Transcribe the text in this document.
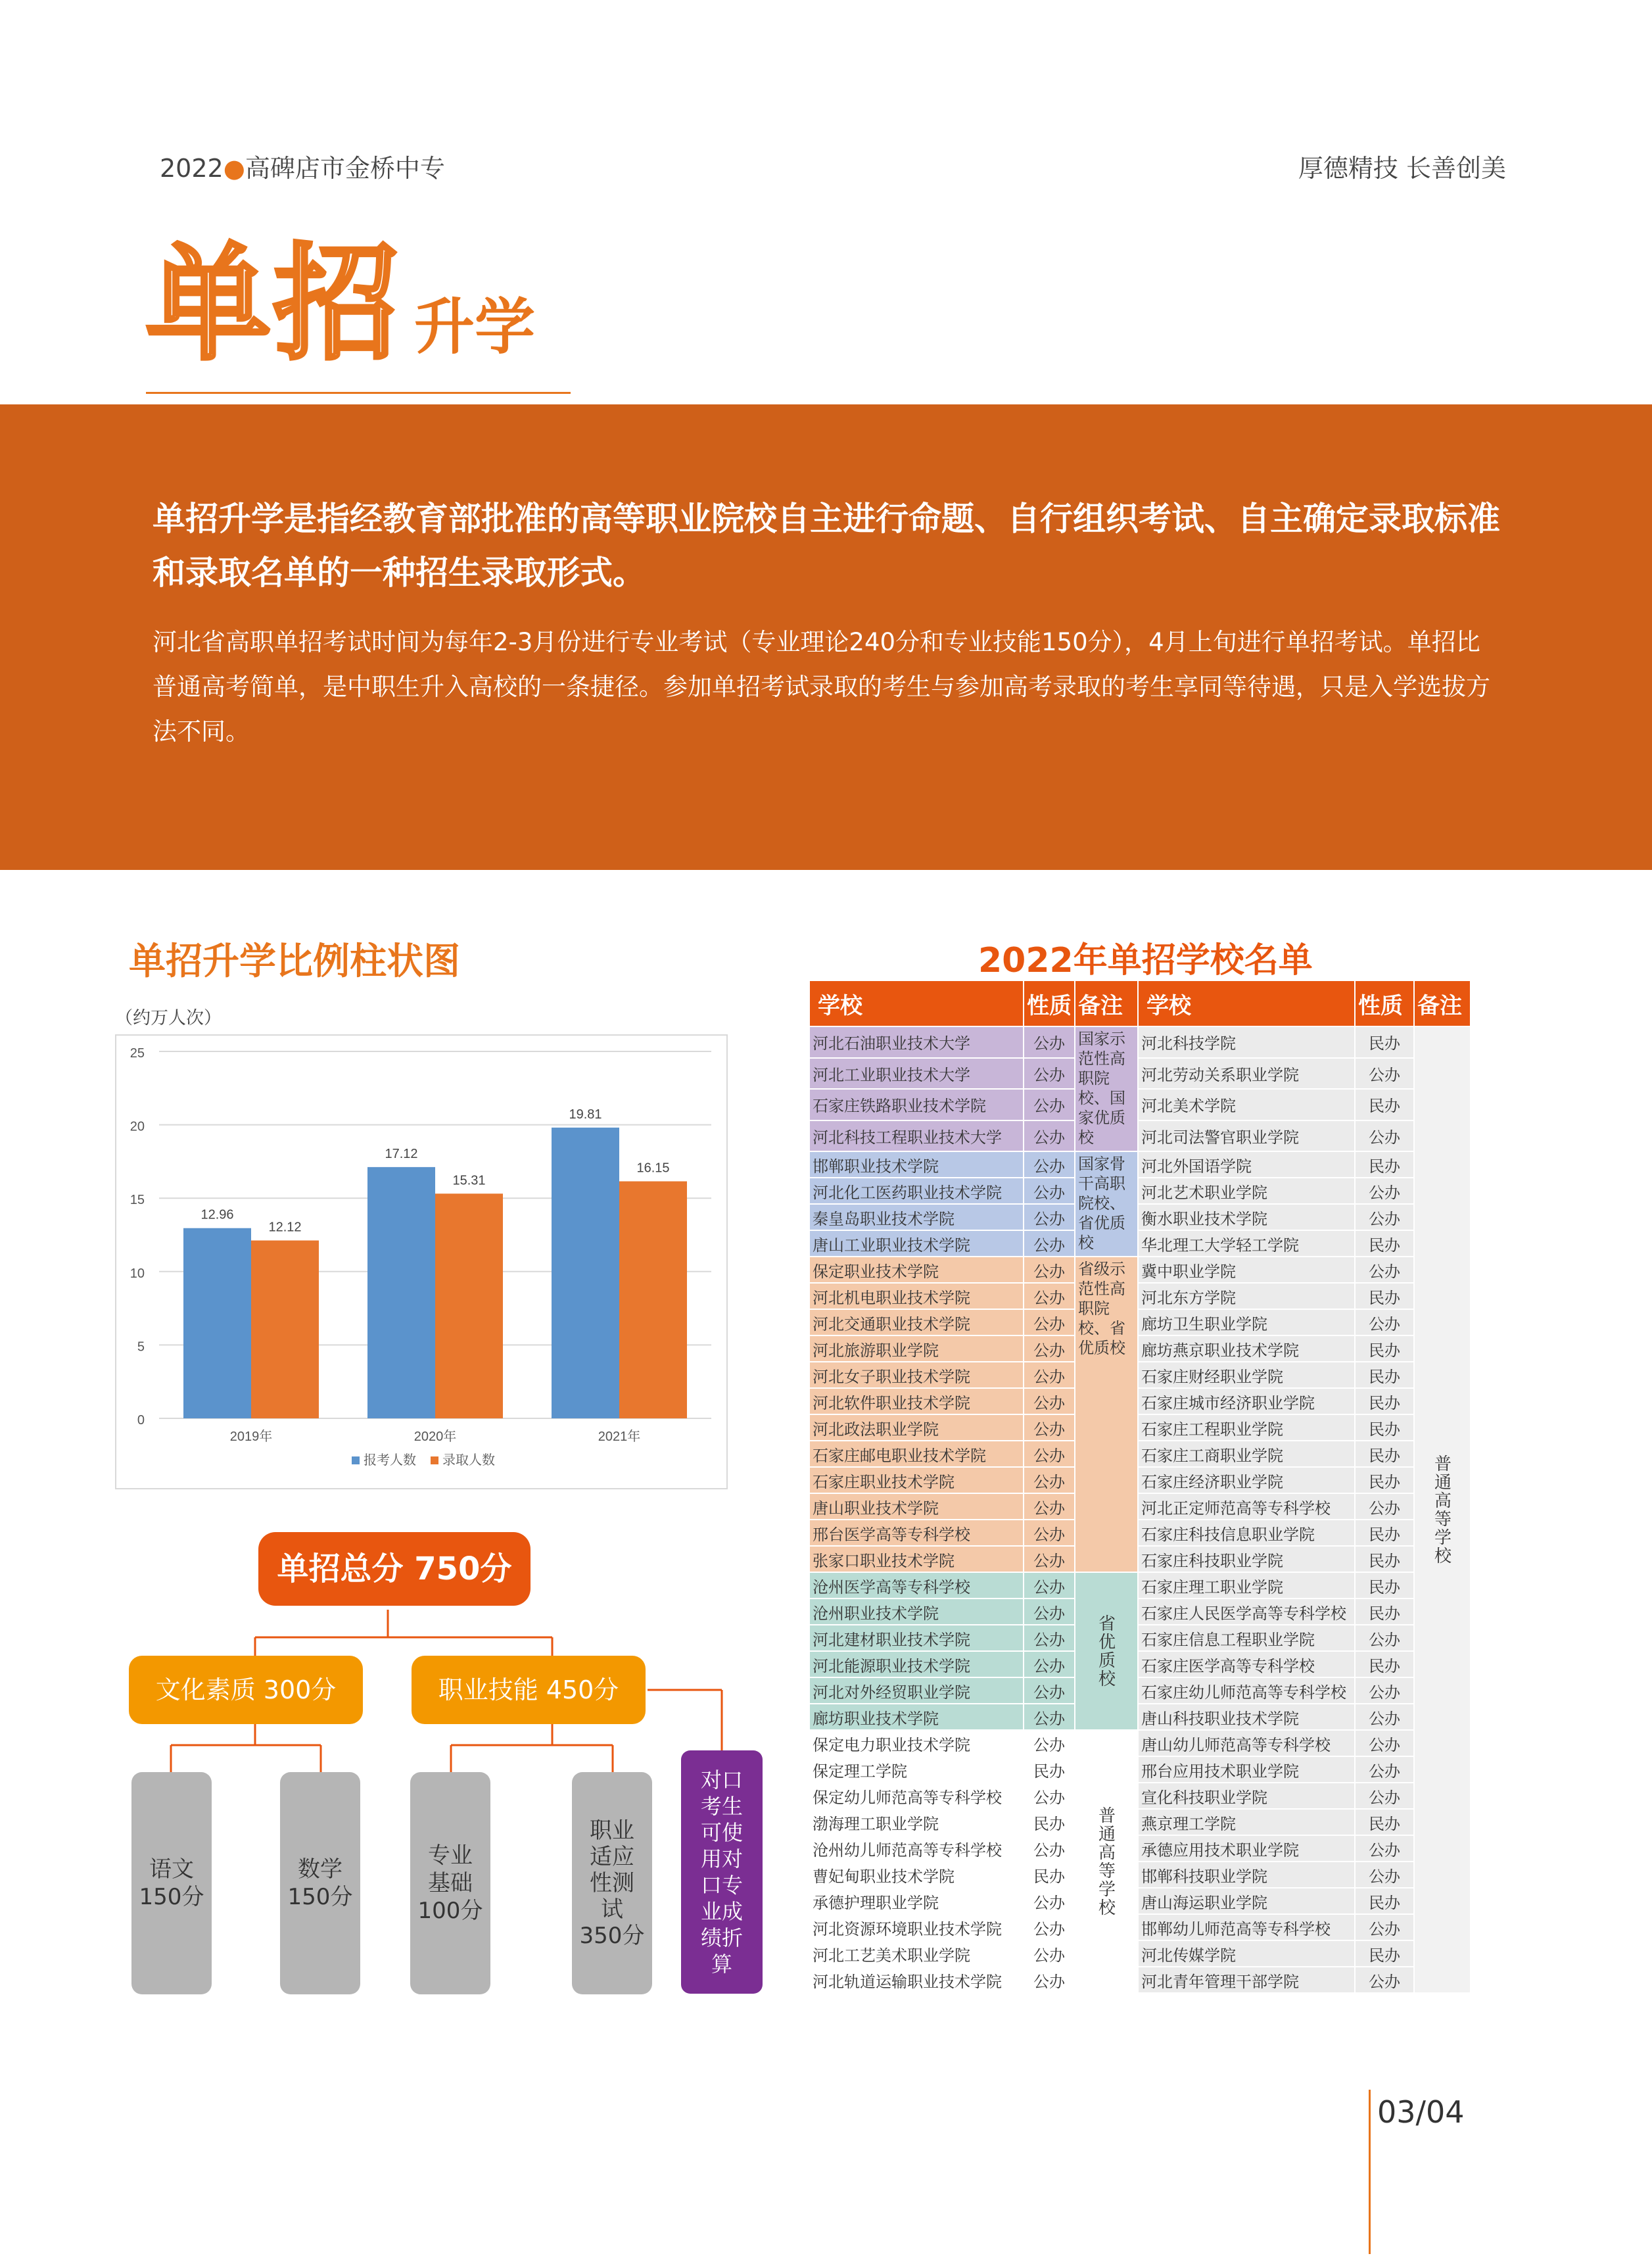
2022●高碑店市金桥中专	厚德精技 长善创美
单招 升学
单招升学是指经教育部批准的高等职业院校自主进行命题、自行组织考试、自主确定录取标准和录取名单的一种招生录取形式。
河北省高职单招考试时间为每年2-3月份进行专业考试（专业理论240分和专业技能150分），4月上旬进行单招考试。单招比普通高考简单，是中职生升入高校的一条捷径。参加单招考试录取的考生与参加高考录取的考生享同等待遇，只是入学选拔方法不同。
单招升学比例柱状图
（约万人次）
0
5
10
15
20
25
12.96
12.12
2019年
17.12
15.31
2020年
19.81
16.15
2021年
报考人数 录取人数
单招总分 750分
文化素质 300分	职业技能 450分
语文
150分
数学
150分
专业
基础
100分
职业
适应
性测
试
350分
对口
考生
可使
用对
口专
业成
绩折
算
2022年单招学校名单
学校	性质	备注	学校	性质	备注
河北石油职业技术大学	公办	国家示范性高职院校、国家优质校	河北科技学院	民办	普通高等学校
河北工业职业技术大学	公办		河北劳动关系职业学院	公办	
石家庄铁路职业技术学院	公办		河北美术学院	民办	
河北科技工程职业技术大学	公办		河北司法警官职业学院	公办	
邯郸职业技术学院	公办	国家骨干高职院校、省优质校	河北外国语学院	民办	
河北化工医药职业技术学院	公办		河北艺术职业学院	公办	
秦皇岛职业技术学院	公办		衡水职业技术学院	公办	
唐山工业职业技术学院	公办		华北理工大学轻工学院	民办	
保定职业技术学院	公办	省级示范性高职院校、省优质校	冀中职业学院	公办	
河北机电职业技术学院	公办		河北东方学院	民办	
河北交通职业技术学院	公办		廊坊卫生职业学院	公办	
河北旅游职业学院	公办		廊坊燕京职业技术学院	民办	
河北女子职业技术学院	公办		石家庄财经职业学院	民办	
河北软件职业技术学院	公办		石家庄城市经济职业学院	民办	
河北政法职业学院	公办		石家庄工程职业学院	民办	
石家庄邮电职业技术学院	公办		石家庄工商职业学院	民办	
石家庄职业技术学院	公办		石家庄经济职业学院	民办	
唐山职业技术学院	公办		河北正定师范高等专科学校	公办	
邢台医学高等专科学校	公办		石家庄科技信息职业学院	民办	
张家口职业技术学院	公办		石家庄科技职业学院	民办	
沧州医学高等专科学校	公办	省优质校	石家庄理工职业学院	民办	
沧州职业技术学院	公办		石家庄人民医学高等专科学校	民办	
河北建材职业技术学院	公办		石家庄信息工程职业学院	公办	
河北能源职业技术学院	公办		石家庄医学高等专科学校	民办	
河北对外经贸职业学院	公办		石家庄幼儿师范高等专科学校	公办	
廊坊职业技术学院	公办		唐山科技职业技术学院	公办	
保定电力职业技术学院	公办	普通高等学校	唐山幼儿师范高等专科学校	公办	
保定理工学院	民办		邢台应用技术职业学院	公办	
保定幼儿师范高等专科学校	公办		宣化科技职业学院	公办	
渤海理工职业学院	民办		燕京理工学院	民办	
沧州幼儿师范高等专科学校	公办		承德应用技术职业学院	公办	
曹妃甸职业技术学院	民办		邯郸科技职业学院	公办	
承德护理职业学院	公办		唐山海运职业学院	民办	
河北资源环境职业技术学院	公办		邯郸幼儿师范高等专科学校	公办	
河北工艺美术职业学院	公办		河北传媒学院	民办	
河北轨道运输职业技术学院	公办		河北青年管理干部学院	公办	
03/04
